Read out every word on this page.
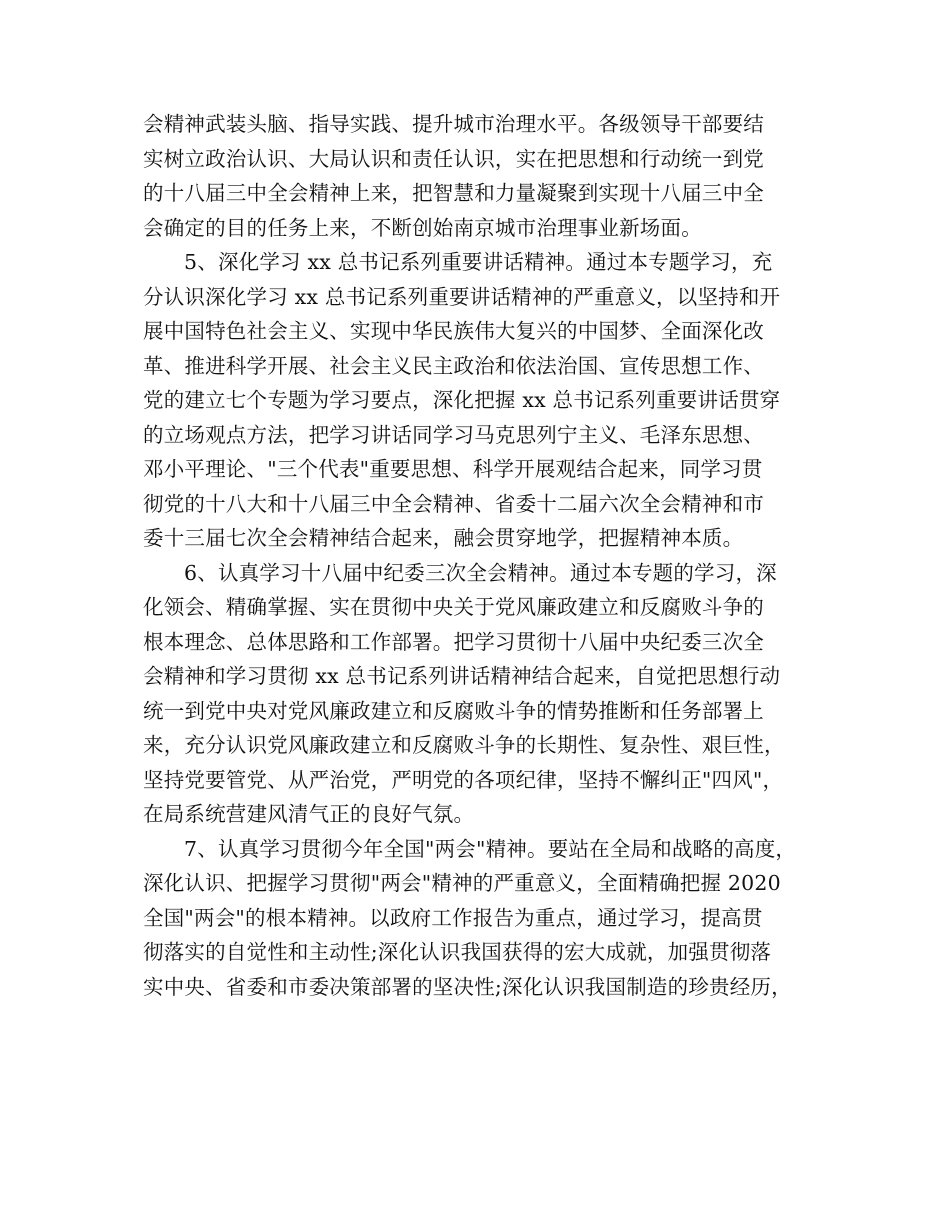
会精神武装头脑、指导实践、提升城市治理水平。各级领导干部要结
实树立政治认识、大局认识和责任认识，实在把思想和行动统一到党
的十八届三中全会精神上来，把智慧和力量凝聚到实现十八届三中全
会确定的目的任务上来，不断创始南京城市治理事业新场面。
5、深化学习 xx 总书记系列重要讲话精神。通过本专题学习，充
分认识深化学习 xx 总书记系列重要讲话精神的严重意义，以坚持和开
展中国特色社会主义、实现中华民族伟大复兴的中国梦、全面深化改
革、推进科学开展、社会主义民主政治和依法治国、宣传思想工作、
党的建立七个专题为学习要点，深化把握 xx 总书记系列重要讲话贯穿
的立场观点方法，把学习讲话同学习马克思列宁主义、毛泽东思想、
邓小平理论、"三个代表"重要思想、科学开展观结合起来，同学习贯
彻党的十八大和十八届三中全会精神、省委十二届六次全会精神和市
委十三届七次全会精神结合起来，融会贯穿地学，把握精神本质。
6、认真学习十八届中纪委三次全会精神。通过本专题的学习，深
化领会、精确掌握、实在贯彻中央关于党风廉政建立和反腐败斗争的
根本理念、总体思路和工作部署。把学习贯彻十八届中央纪委三次全
会精神和学习贯彻 xx 总书记系列讲话精神结合起来，自觉把思想行动
统一到党中央对党风廉政建立和反腐败斗争的情势推断和任务部署上
来，充分认识党风廉政建立和反腐败斗争的长期性、复杂性、艰巨性，
坚持党要管党、从严治党，严明党的各项纪律，坚持不懈纠正"四风"，
在局系统营建风清气正的良好气氛。
7、认真学习贯彻今年全国"两会"精神。要站在全局和战略的高度，
深化认识、把握学习贯彻"两会"精神的严重意义，全面精确把握 2020
全国"两会"的根本精神。以政府工作报告为重点，通过学习，提高贯
彻落实的自觉性和主动性;深化认识我国获得的宏大成就，加强贯彻落
实中央、省委和市委决策部署的坚决性;深化认识我国制造的珍贵经历，
